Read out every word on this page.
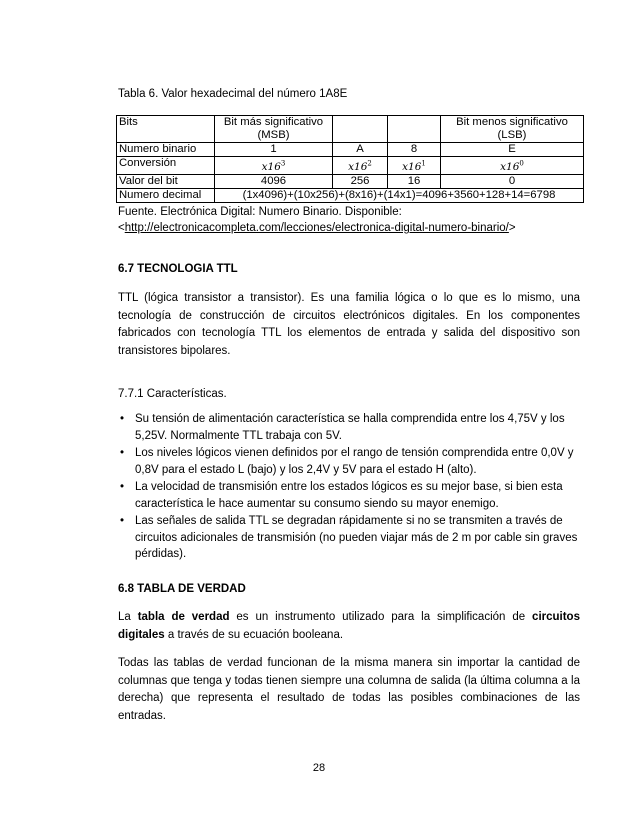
Tabla 6. Valor hexadecimal del número 1A8E
Bits	Bit más significativo (MSB)			Bit menos significativo (LSB)
Numero binario	1	A	8	E
Conversión	$x16^3$	$x16^2$	$x16^1$	$x16^0$
Valor del bit	4096	256	16	0
Numero decimal	(1x4096)+(10x256)+(8x16)+(14x1)=4096+3560+128+14=6798			
Fuente. Electrónica Digital: Numero Binario. Disponible:
<http://electronicacompleta.com/lecciones/electronica-digital-numero-binario/>
6.7 TECNOLOGIA TTL
TTL (lógica transistor a transistor). Es una familia lógica o lo que es lo mismo, una tecnología de construcción de circuitos electrónicos digitales. En los componentes fabricados con tecnología TTL los elementos de entrada y salida del dispositivo son transistores bipolares.
7.7.1 Características.
• Su tensión de alimentación característica se halla comprendida entre los 4,75V y los 5,25V. Normalmente TTL trabaja con 5V.
• Los niveles lógicos vienen definidos por el rango de tensión comprendida entre 0,0V y 0,8V para el estado L (bajo) y los 2,4V y 5V para el estado H (alto).
• La velocidad de transmisión entre los estados lógicos es su mejor base, si bien esta característica le hace aumentar su consumo siendo su mayor enemigo.
• Las señales de salida TTL se degradan rápidamente si no se transmiten a través de circuitos adicionales de transmisión (no pueden viajar más de 2 m por cable sin graves pérdidas).
6.8 TABLA DE VERDAD
La tabla de verdad es un instrumento utilizado para la simplificación de circuitos digitales a través de su ecuación booleana.
Todas las tablas de verdad funcionan de la misma manera sin importar la cantidad de columnas que tenga y todas tienen siempre una columna de salida (la última columna a la derecha) que representa el resultado de todas las posibles combinaciones de las entradas.
28
